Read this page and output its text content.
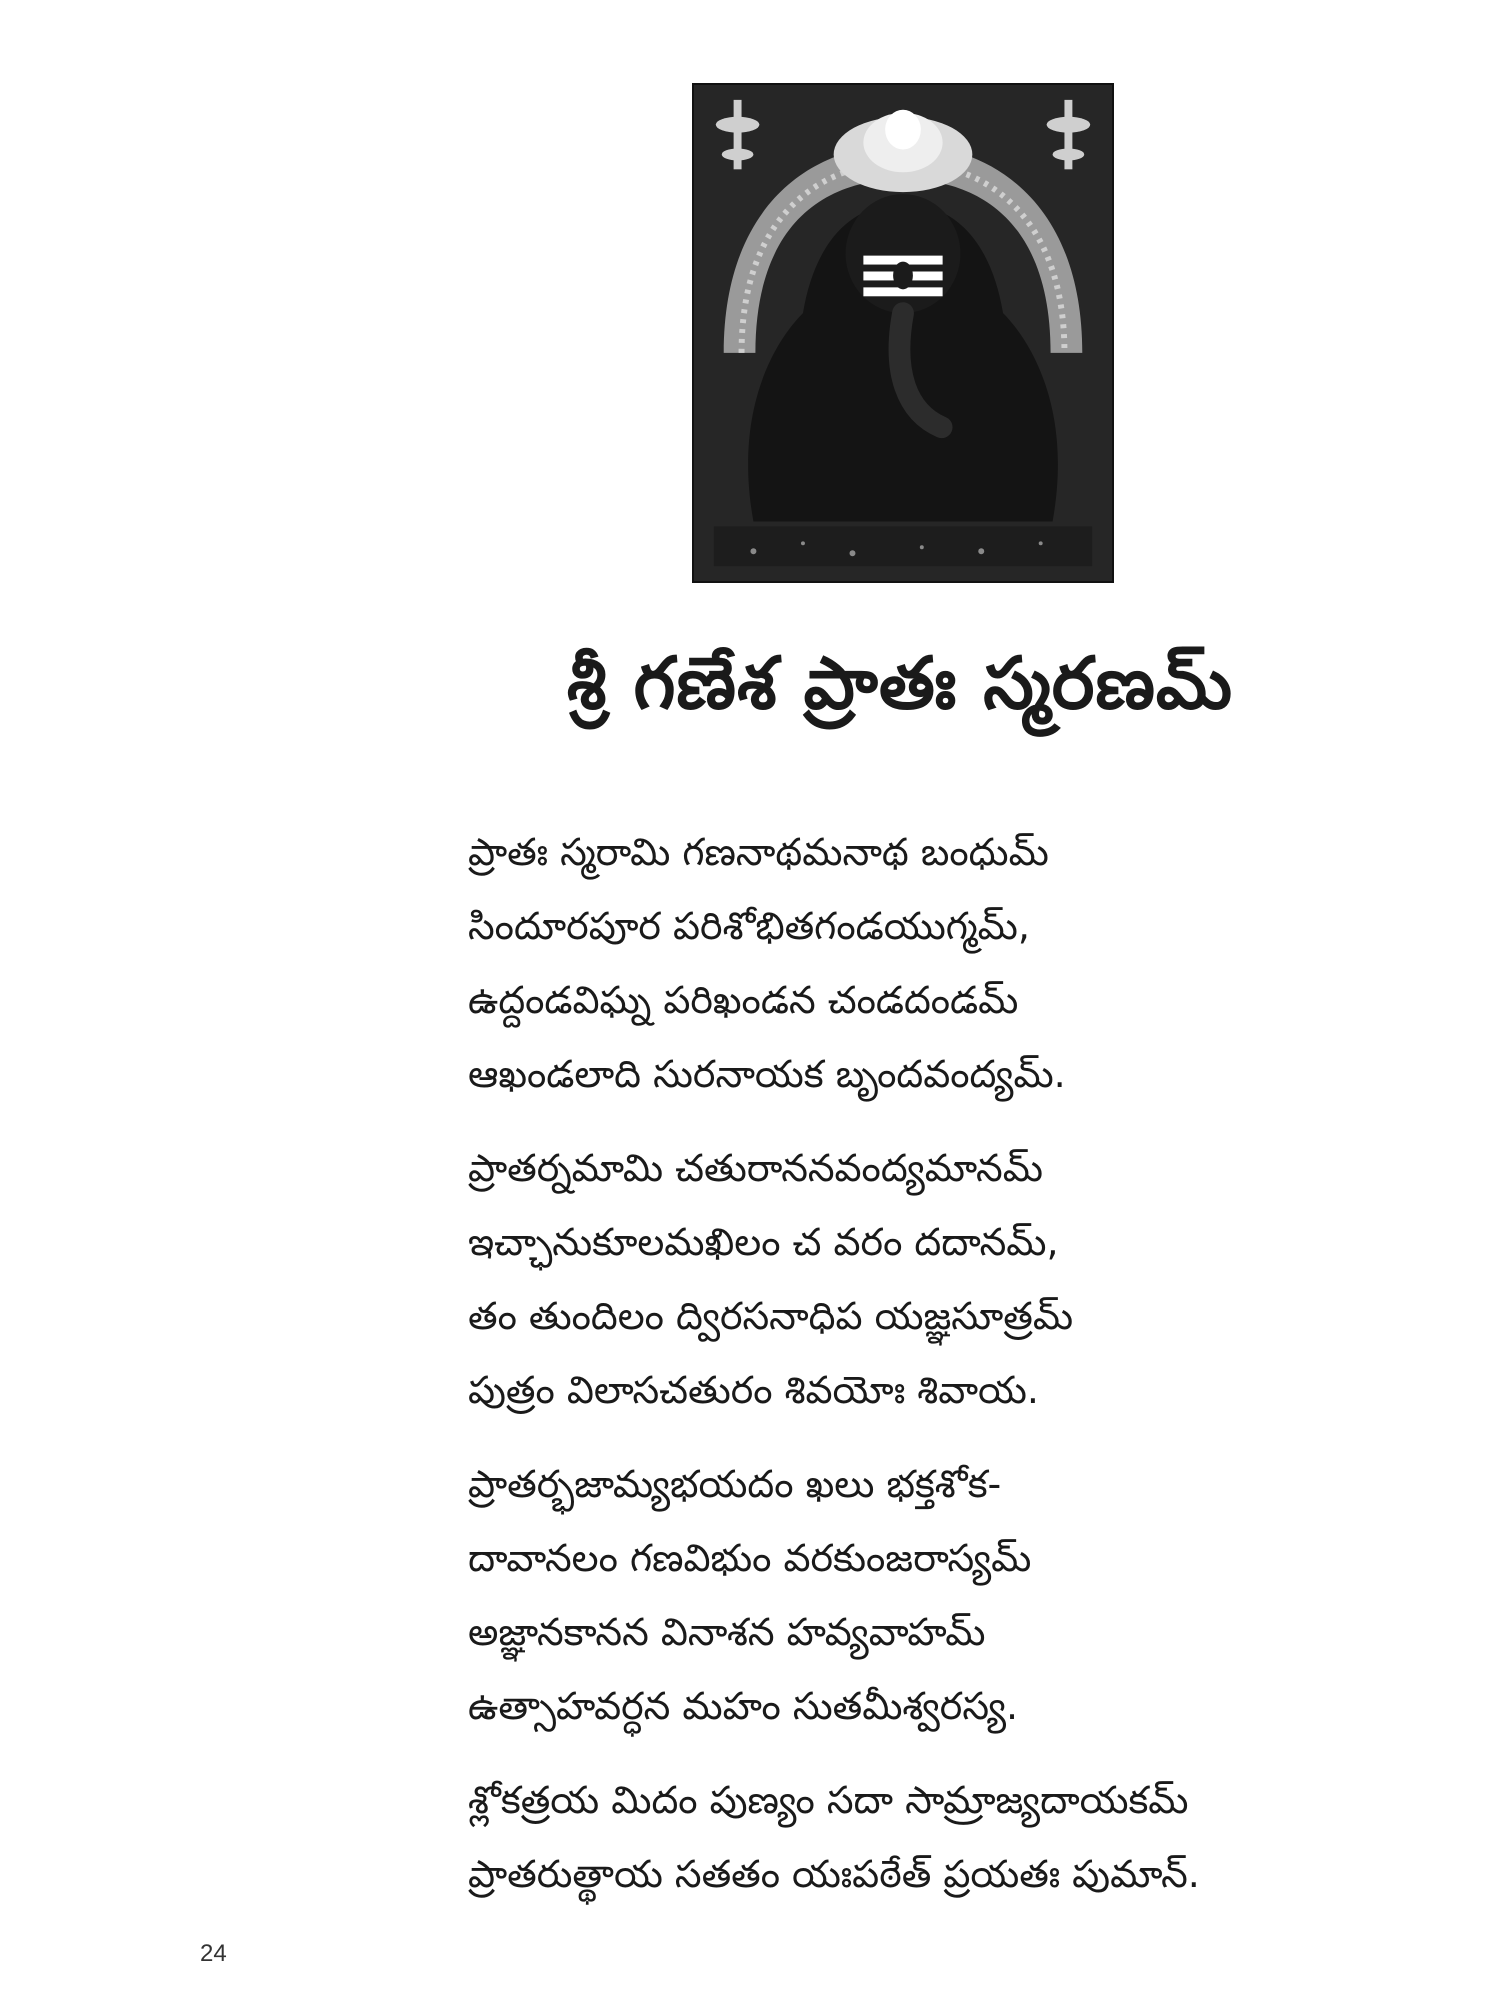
శ్రీ గణేశ ప్రాతః స్మరణమ్
ప్రాతః స్మరామి గణనాథమనాథ బంధుమ్
సిందూరపూర పరిశోభితగండయుగ్మమ్,
ఉద్దండవిఘ్న పరిఖండన చండదండమ్
ఆఖండలాది సురనాయక బృందవంద్యమ్.
ప్రాతర్నమామి చతురాననవంద్యమానమ్
ఇచ్ఛానుకూలమఖిలం చ వరం దదానమ్,
తం తుందిలం ద్విరసనాధిప యజ్ఞసూత్రమ్
పుత్రం విలాసచతురం శివయోః శివాయ.
ప్రాతర్భజామ్యభయదం ఖలు భక్తశోక-
దావానలం గణవిభుం వరకుంజరాస్యమ్
అజ్ఞానకానన వినాశన హవ్యవాహమ్
ఉత్సాహవర్ధన మహం సుతమీశ్వరస్య.
శ్లోకత్రయ మిదం పుణ్యం సదా సామ్రాజ్యదాయకమ్
ప్రాతరుత్థాయ సతతం యఃపఠేత్ ప్రయతః పుమాన్.
24
